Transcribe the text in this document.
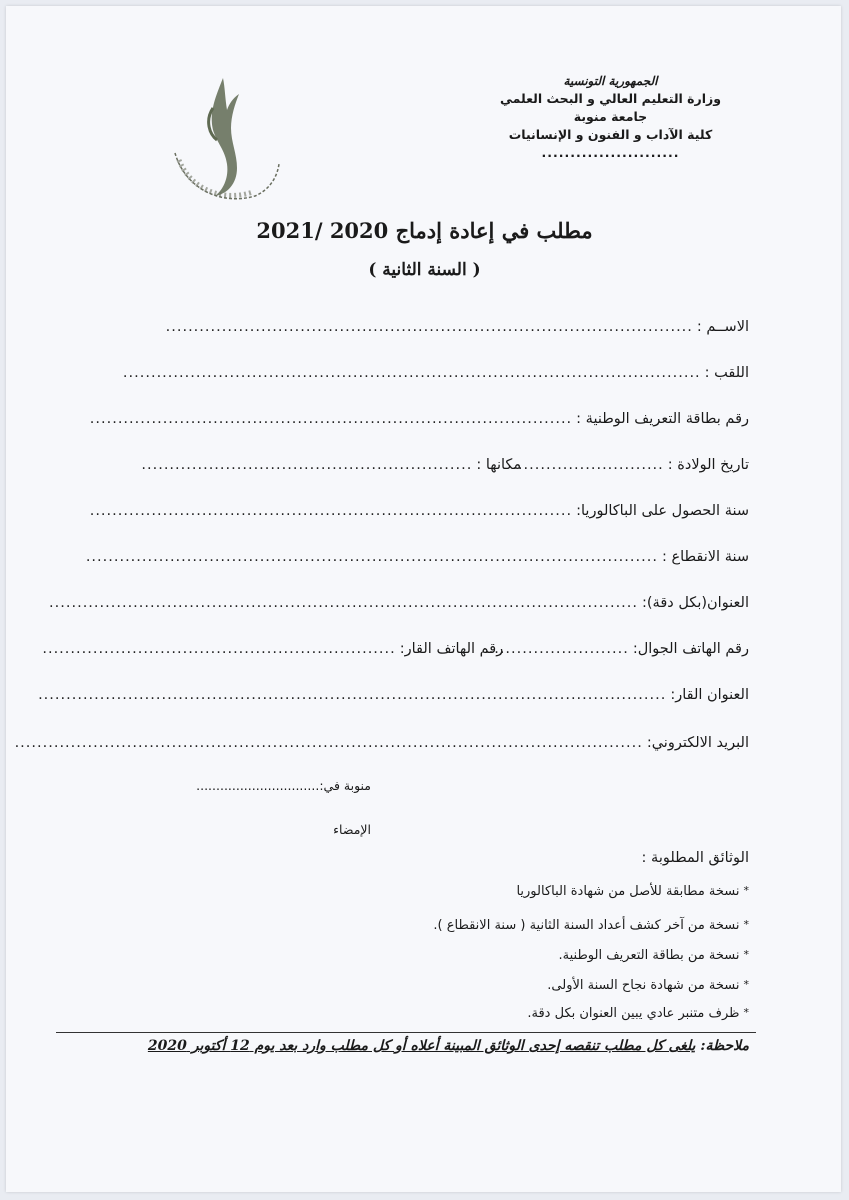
الجمهورية التونسية
وزارة التعليم العالي و البحث العلمي
جامعة منوبة
كلية الآداب و الفنون و الإنسانيات
........................
مطلب في إعادة إدماج 2020 /2021
( السنة الثانية )
الاســم :..............................................................................................
اللقب :.......................................................................................................
رقم بطاقة التعريف الوطنية :......................................................................................
تاريخ الولادة :........................... مكانها :...........................................................
سنة الحصول على الباكالوريا:......................................................................................
سنة الانقطاع :......................................................................................................
العنوان(بكل دقة):.........................................................................................................
رقم الهاتف الجوال:......................... رقم الهاتف القار:...............................................................
العنوان القار:................................................................................................................
البريد الالكتروني:................................................................................................................
منوبة في:...............................
الإمضاء
الوثائق المطلوبة :
*نسخة مطابقة للأصل من شهادة الباكالوريا
*نسخة من آخر كشف أعداد السنة الثانية ( سنة الانقطاع ).
*نسخة من بطاقة التعريف الوطنية.
*نسخة من شهادة نجاح السنة الأولى.
*ظرف متنبر عادي يبين العنوان بكل دقة.
ملاحظة: يلغى كل مطلب تنقصه إحدى الوثائق المبينة أعلاه أو كل مطلب وارد بعد يوم 12 أكتوبر 2020
